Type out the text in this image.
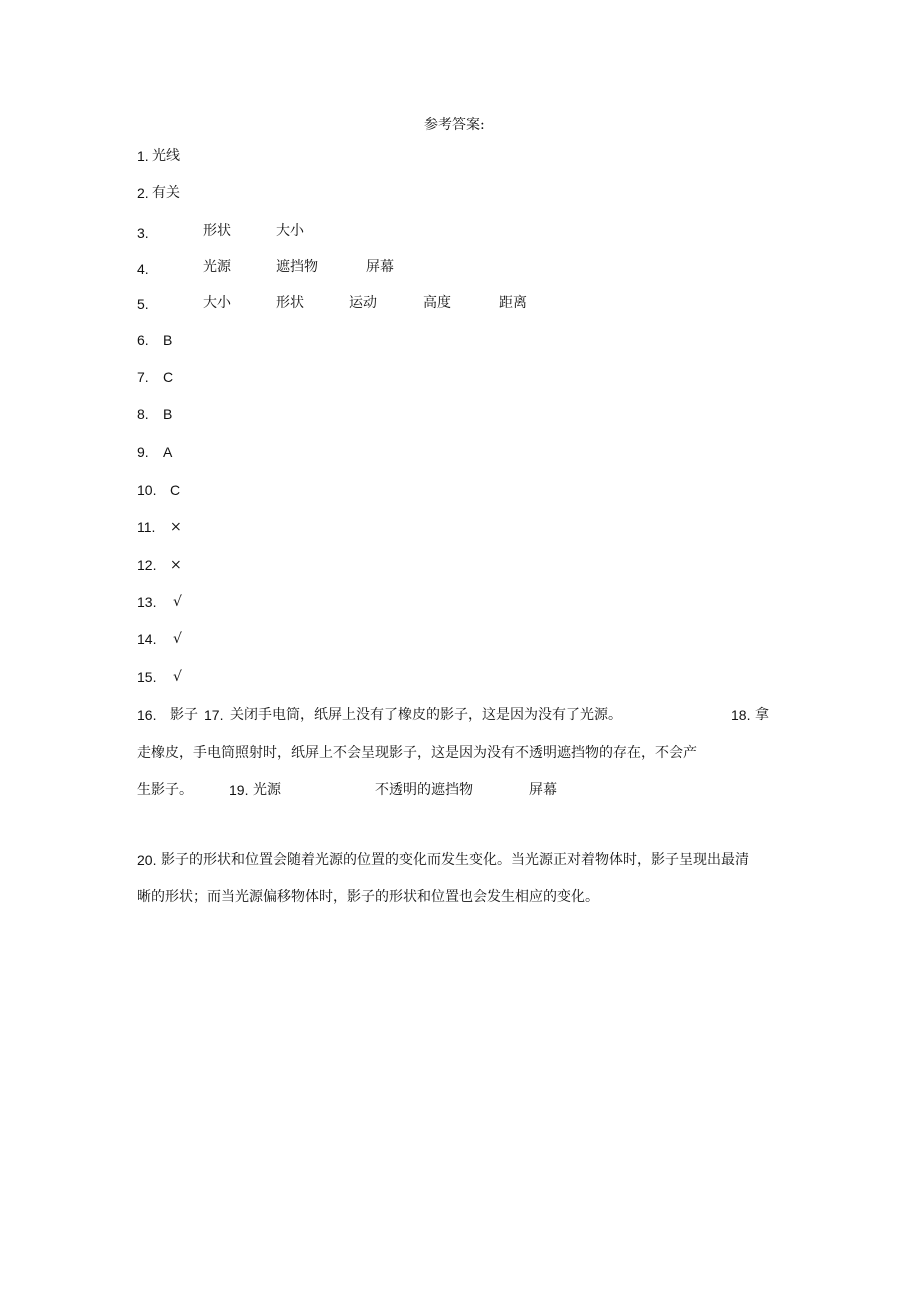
参考答案:
1. 光线
2. 有关
3.	形状	大小
4.	光源	遮挡物	屏幕
5.	大小	形状	运动	高度	距离
6. B
7. C
8. B
9. A
10. C
11. ×
12. ×
13. √
14. √
15. √
16. 影子 17. 关闭手电筒，纸屏上没有了橡皮的影子，这是因为没有了光源。	18. 拿
走橡皮，手电筒照射时，纸屏上不会呈现影子，这是因为没有不透明遮挡物的存在，不会产
生影子。	19. 光源	不透明的遮挡物	屏幕
20. 影子的形状和位置会随着光源的位置的变化而发生变化。当光源正对着物体时，影子呈现出最清
晰的形状；而当光源偏移物体时，影子的形状和位置也会发生相应的变化。
